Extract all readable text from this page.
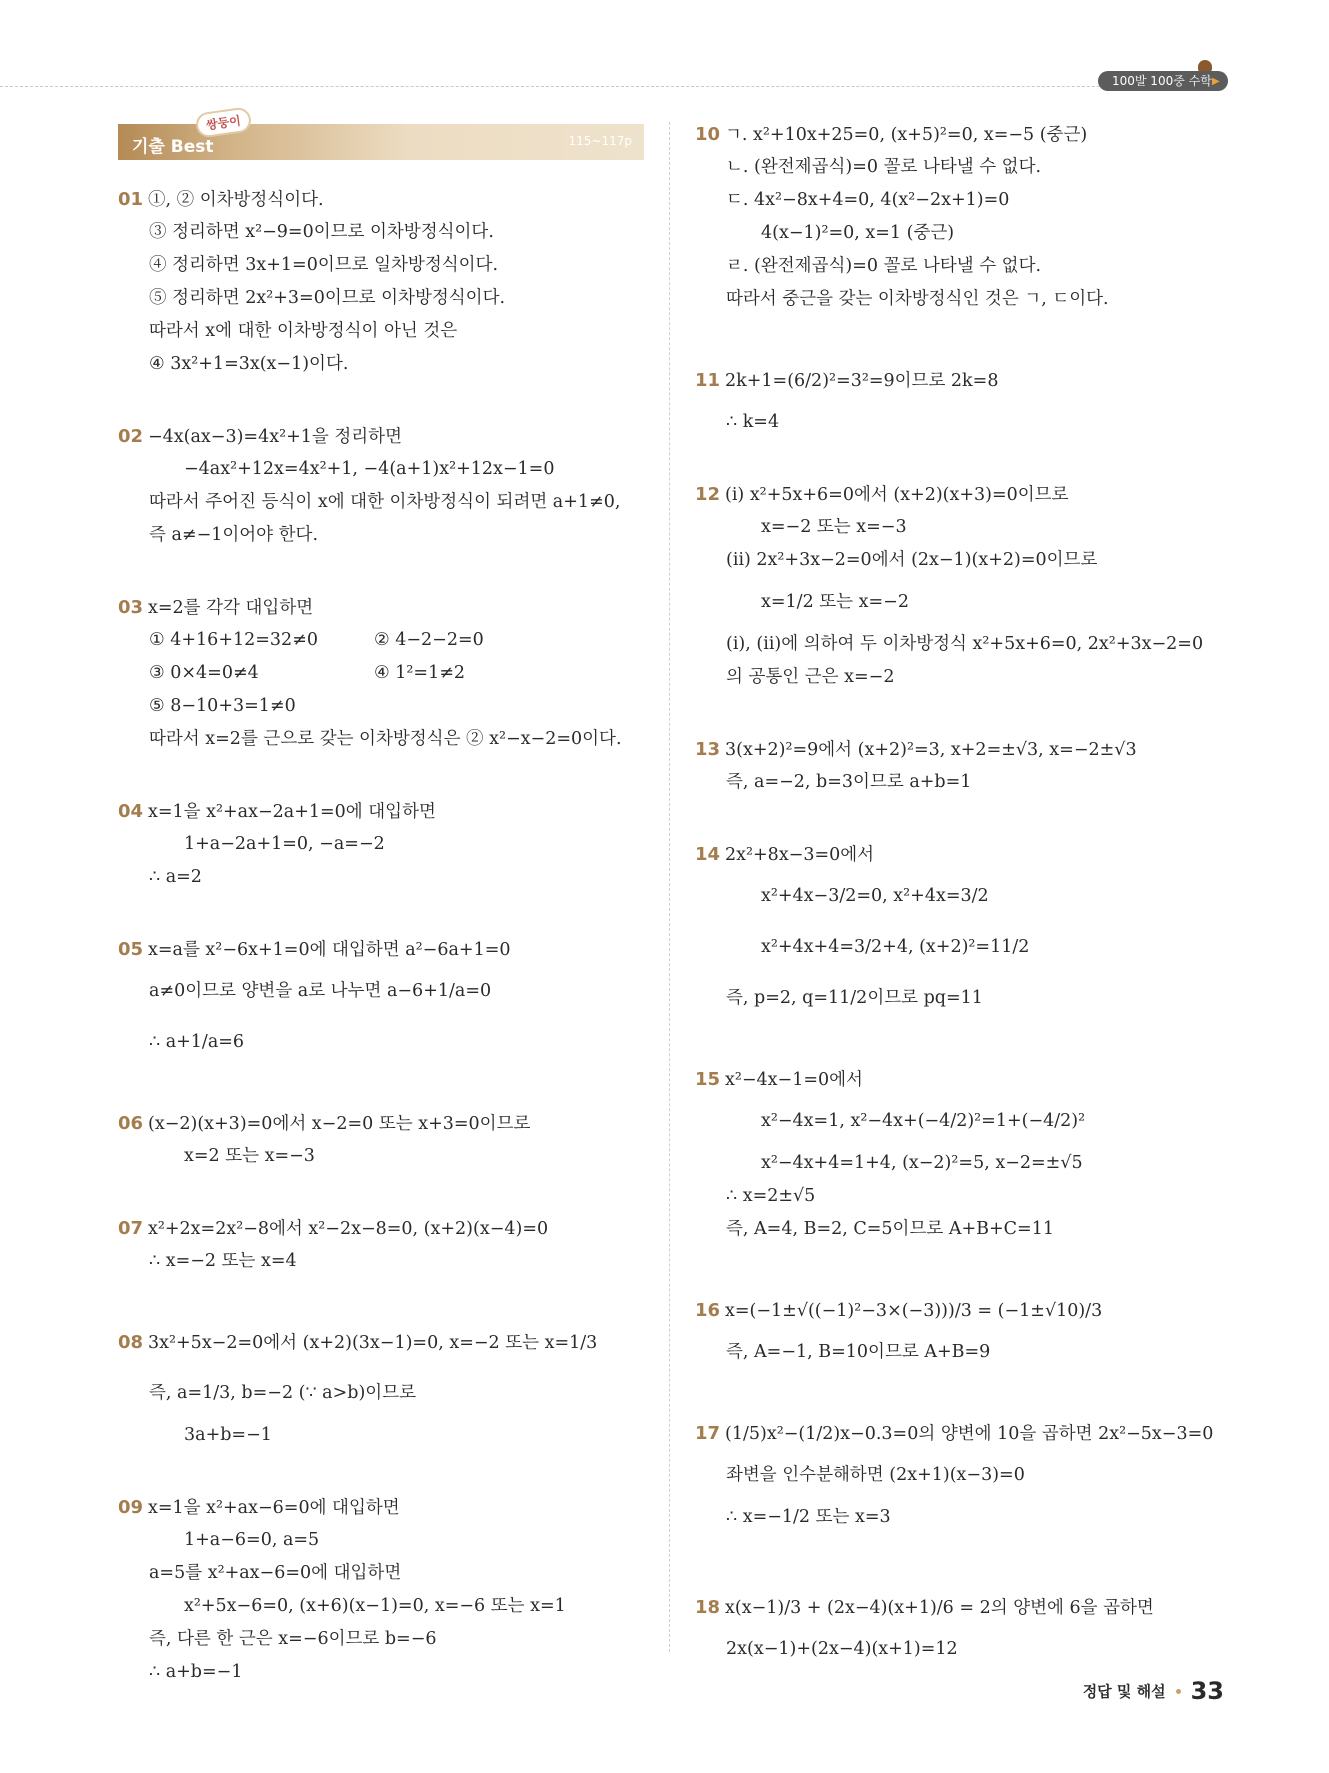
100발 100중 수학 ▶
기출 Best
쌍둥이
115~117p
01 ①, ② 이차방정식이다.
③ 정리하면 x²−9=0이므로 이차방정식이다.
④ 정리하면 3x+1=0이므로 일차방정식이다.
⑤ 정리하면 2x²+3=0이므로 이차방정식이다.
따라서 x에 대한 이차방정식이 아닌 것은
④ 3x²+1=3x(x−1)이다.
02 −4x(ax−3)=4x²+1을 정리하면
−4ax²+12x=4x²+1, −4(a+1)x²+12x−1=0
따라서 주어진 등식이 x에 대한 이차방정식이 되려면 a+1≠0,
즉 a≠−1이어야 한다.
03 x=2를 각각 대입하면
① 4+16+12=32≠0	② 4−2−2=0
③ 0×4=0≠4	④ 1²=1≠2
⑤ 8−10+3=1≠0
따라서 x=2를 근으로 갖는 이차방정식은 ② x²−x−2=0이다.
04 x=1을 x²+ax−2a+1=0에 대입하면
1+a−2a+1=0, −a=−2
∴ a=2
05 x=a를 x²−6x+1=0에 대입하면 a²−6a+1=0
a≠0이므로 양변을 a로 나누면 a−6+1/a=0
∴ a+1/a=6
06 (x−2)(x+3)=0에서 x−2=0 또는 x+3=0이므로
x=2 또는 x=−3
07 x²+2x=2x²−8에서 x²−2x−8=0, (x+2)(x−4)=0
∴ x=−2 또는 x=4
08 3x²+5x−2=0에서 (x+2)(3x−1)=0, x=−2 또는 x=1/3
즉, a=1/3, b=−2 (∵ a>b)이므로
3a+b=−1
09 x=1을 x²+ax−6=0에 대입하면
1+a−6=0, a=5
a=5를 x²+ax−6=0에 대입하면
x²+5x−6=0, (x+6)(x−1)=0, x=−6 또는 x=1
즉, 다른 한 근은 x=−6이므로 b=−6
∴ a+b=−1
10 ㄱ. x²+10x+25=0, (x+5)²=0, x=−5 (중근)
ㄴ. (완전제곱식)=0 꼴로 나타낼 수 없다.
ㄷ. 4x²−8x+4=0, 4(x²−2x+1)=0
4(x−1)²=0, x=1 (중근)
ㄹ. (완전제곱식)=0 꼴로 나타낼 수 없다.
따라서 중근을 갖는 이차방정식인 것은 ㄱ, ㄷ이다.
11 2k+1=(6/2)²=3²=9이므로 2k=8
∴ k=4
12 (ⅰ) x²+5x+6=0에서 (x+2)(x+3)=0이므로
x=−2 또는 x=−3
(ⅱ) 2x²+3x−2=0에서 (2x−1)(x+2)=0이므로
x=1/2 또는 x=−2
(ⅰ), (ⅱ)에 의하여 두 이차방정식 x²+5x+6=0, 2x²+3x−2=0
의 공통인 근은 x=−2
13 3(x+2)²=9에서 (x+2)²=3, x+2=±√3, x=−2±√3
즉, a=−2, b=3이므로 a+b=1
14 2x²+8x−3=0에서
x²+4x−3/2=0, x²+4x=3/2
x²+4x+4=3/2+4, (x+2)²=11/2
즉, p=2, q=11/2이므로 pq=11
15 x²−4x−1=0에서
x²−4x=1, x²−4x+(−4/2)²=1+(−4/2)²
x²−4x+4=1+4, (x−2)²=5, x−2=±√5
∴ x=2±√5
즉, A=4, B=2, C=5이므로 A+B+C=11
16 x=(−1±√((−1)²−3×(−3)))/3 = (−1±√10)/3
즉, A=−1, B=10이므로 A+B=9
17 (1/5)x²−(1/2)x−0.3=0의 양변에 10을 곱하면 2x²−5x−3=0
좌변을 인수분해하면 (2x+1)(x−3)=0
∴ x=−1/2 또는 x=3
18 x(x−1)/3 + (2x−4)(x+1)/6 = 2의 양변에 6을 곱하면
2x(x−1)+(2x−4)(x+1)=12
정답 및 해설 33
